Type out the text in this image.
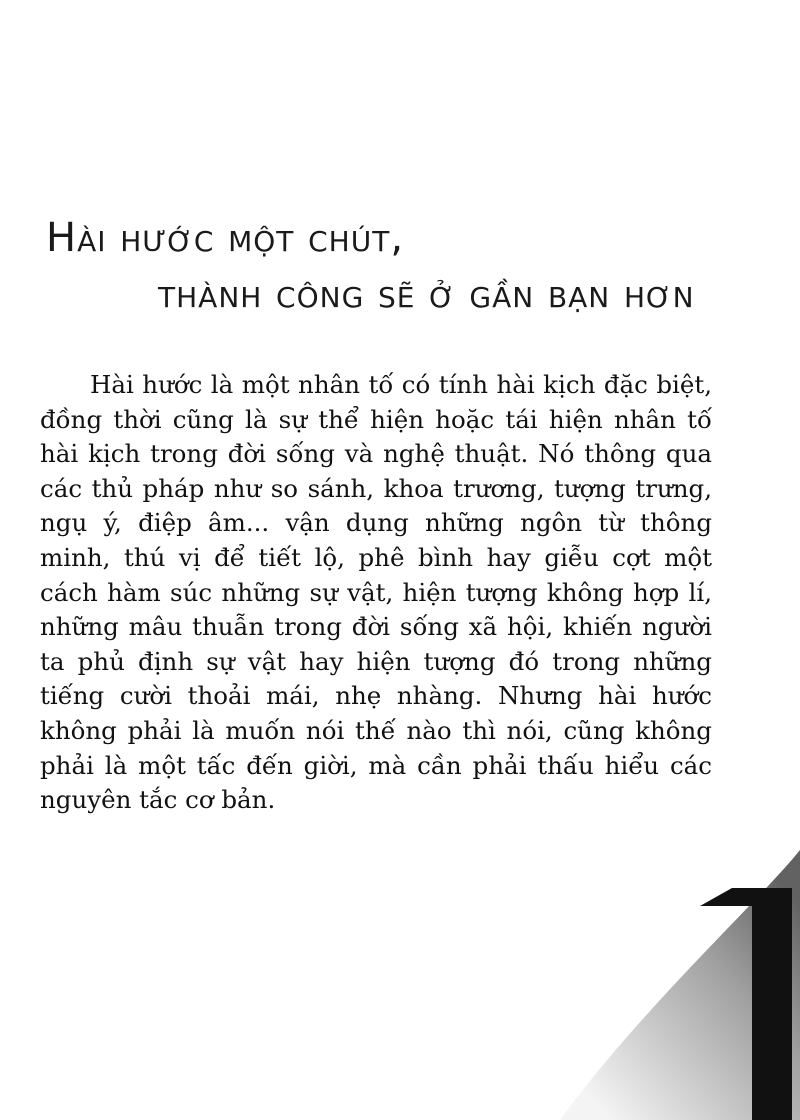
Hài hước một chút,
thành công sẽ ở gần bạn hơn

Hài hước là một nhân tố có tính hài kịch đặc biệt, đồng thời cũng là sự thể hiện hoặc tái hiện nhân tố hài kịch trong đời sống và nghệ thuật. Nó thông qua các thủ pháp như so sánh, khoa trương, tượng trưng, ngụ ý, điệp âm... vận dụng những ngôn từ thông minh, thú vị để tiết lộ, phê bình hay giễu cợt một cách hàm súc những sự vật, hiện tượng không hợp lí, những mâu thuẫn trong đời sống xã hội, khiến người ta phủ định sự vật hay hiện tượng đó trong những tiếng cười thoải mái, nhẹ nhàng. Nhưng hài hước không phải là muốn nói thế nào thì nói, cũng không phải là một tấc đến giời, mà cần phải thấu hiểu các nguyên tắc cơ bản.
